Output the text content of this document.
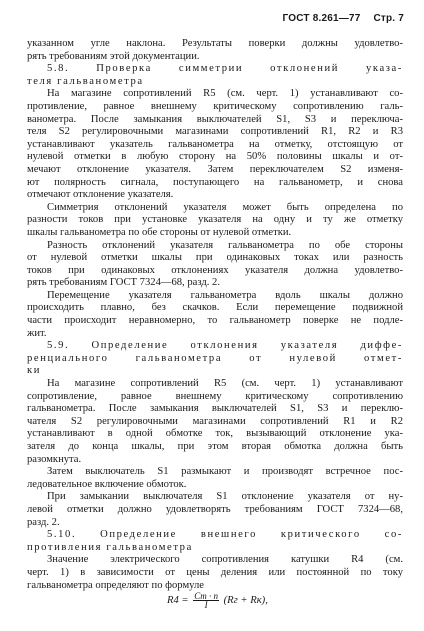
ГОСТ 8.261—77 Стр. 7
указанном угле наклона. Результаты поверки должны удовлетво-
рять требованиям этой документации.
5.8. Проверка симметрии отклонений указа-
теля гальванометра
На магазине сопротивлений R5 (см. черт. 1) устанавливают со-
противление, равное внешнему критическому сопротивлению галь-
ванометра. После замыкания выключателей S1, S3 и переключа-
теля S2 регулировочными магазинами сопротивлений R1, R2 и R3
устанавливают указатель гальванометра на отметку, отстоящую от
нулевой отметки в любую сторону на 50% половины шкалы и от-
мечают отклонение указателя. Затем переключателем S2 изменя-
ют полярность сигнала, поступающего на гальванометр, и снова
отмечают отклонение указателя.
Симметрия отклонений указателя может быть определена по
разности токов при установке указателя на одну и ту же отметку
шкалы гальванометра по обе стороны от нулевой отметки.
Разность отклонений указателя гальванометра по обе стороны
от нулевой отметки шкалы при одинаковых токах или разность
токов при одинаковых отклонениях указателя должна удовлетво-
рять требованиям ГОСТ 7324—68, разд. 2.
Перемещение указателя гальванометра вдоль шкалы должно
происходить плавно, без скачков. Если перемещение подвижной
части происходит неравномерно, то гальванометр поверке не подле-
жит.
5.9. Определение отклонения указателя диффе-
ренциального гальванометра от нулевой отмет-
ки
На магазине сопротивлений R5 (см. черт. 1) устанавливают
сопротивление, равное внешнему критическому сопротивлению
гальванометра. После замыкания выключателей S1, S3 и переклю-
чателя S2 регулировочными магазинами сопротивлений R1 и R2
устанавливают в одной обмотке ток, вызывающий отклонение ука-
зателя до конца шкалы, при этом вторая обмотка должна быть
разомкнута.
Затем выключатель S1 размыкают и производят встречное пос-
ледовательное включение обмоток.
При замыкании выключателя S1 отклонение указателя от ну-
левой отметки должно удовлетворять требованиям ГОСТ 7324—68,
разд. 2.
5.10. Определение внешнего критического со-
противления гальванометра
Значение электрического сопротивления катушки R4 (см.
черт. 1) в зависимости от цены деления или постоянной по току
гальванометра определяют по формуле
$R4 = \frac{Cт \cdot n}{I} (Rг + Rк)$,
